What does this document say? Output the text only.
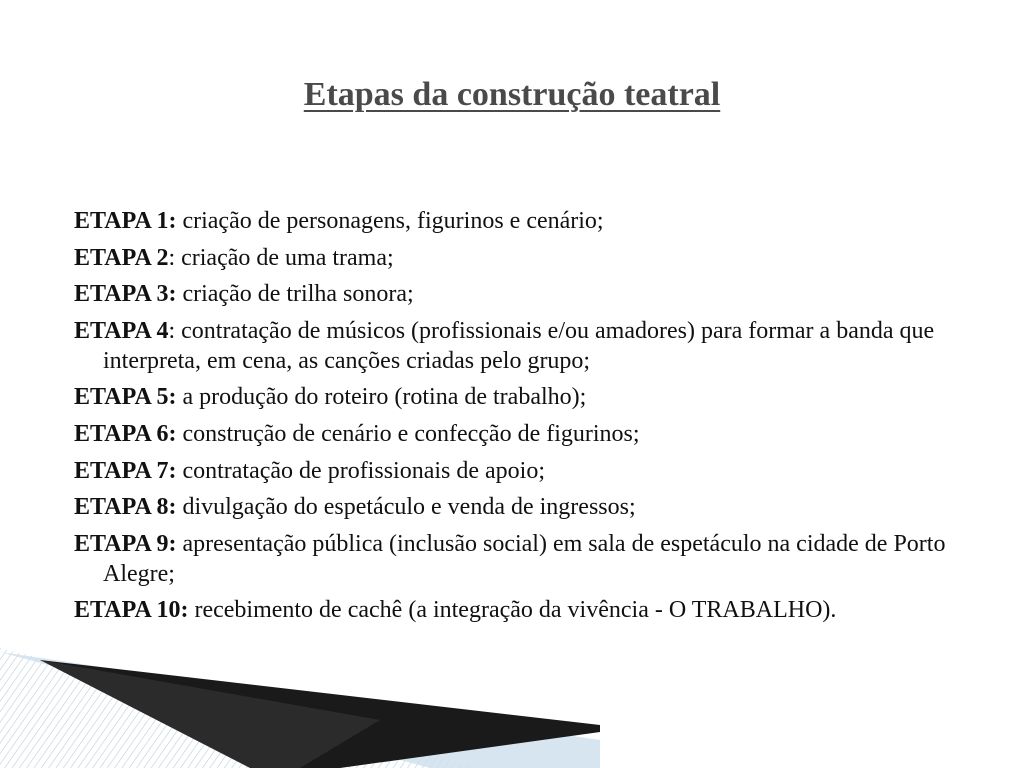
Etapas da construção teatral
ETAPA 1: criação de personagens, figurinos e cenário;
ETAPA 2: criação de uma trama;
ETAPA 3: criação de trilha sonora;
ETAPA 4: contratação de músicos (profissionais e/ou amadores) para formar a banda que interpreta, em cena, as canções criadas pelo grupo;
ETAPA 5: a produção do roteiro (rotina de trabalho);
ETAPA 6: construção de cenário e confecção de figurinos;
ETAPA 7: contratação de profissionais de apoio;
ETAPA 8: divulgação do espetáculo e venda de ingressos;
ETAPA 9: apresentação pública (inclusão social) em sala de espetáculo na cidade de Porto Alegre;
ETAPA 10: recebimento de cachê (a integração da vivência - O TRABALHO).
